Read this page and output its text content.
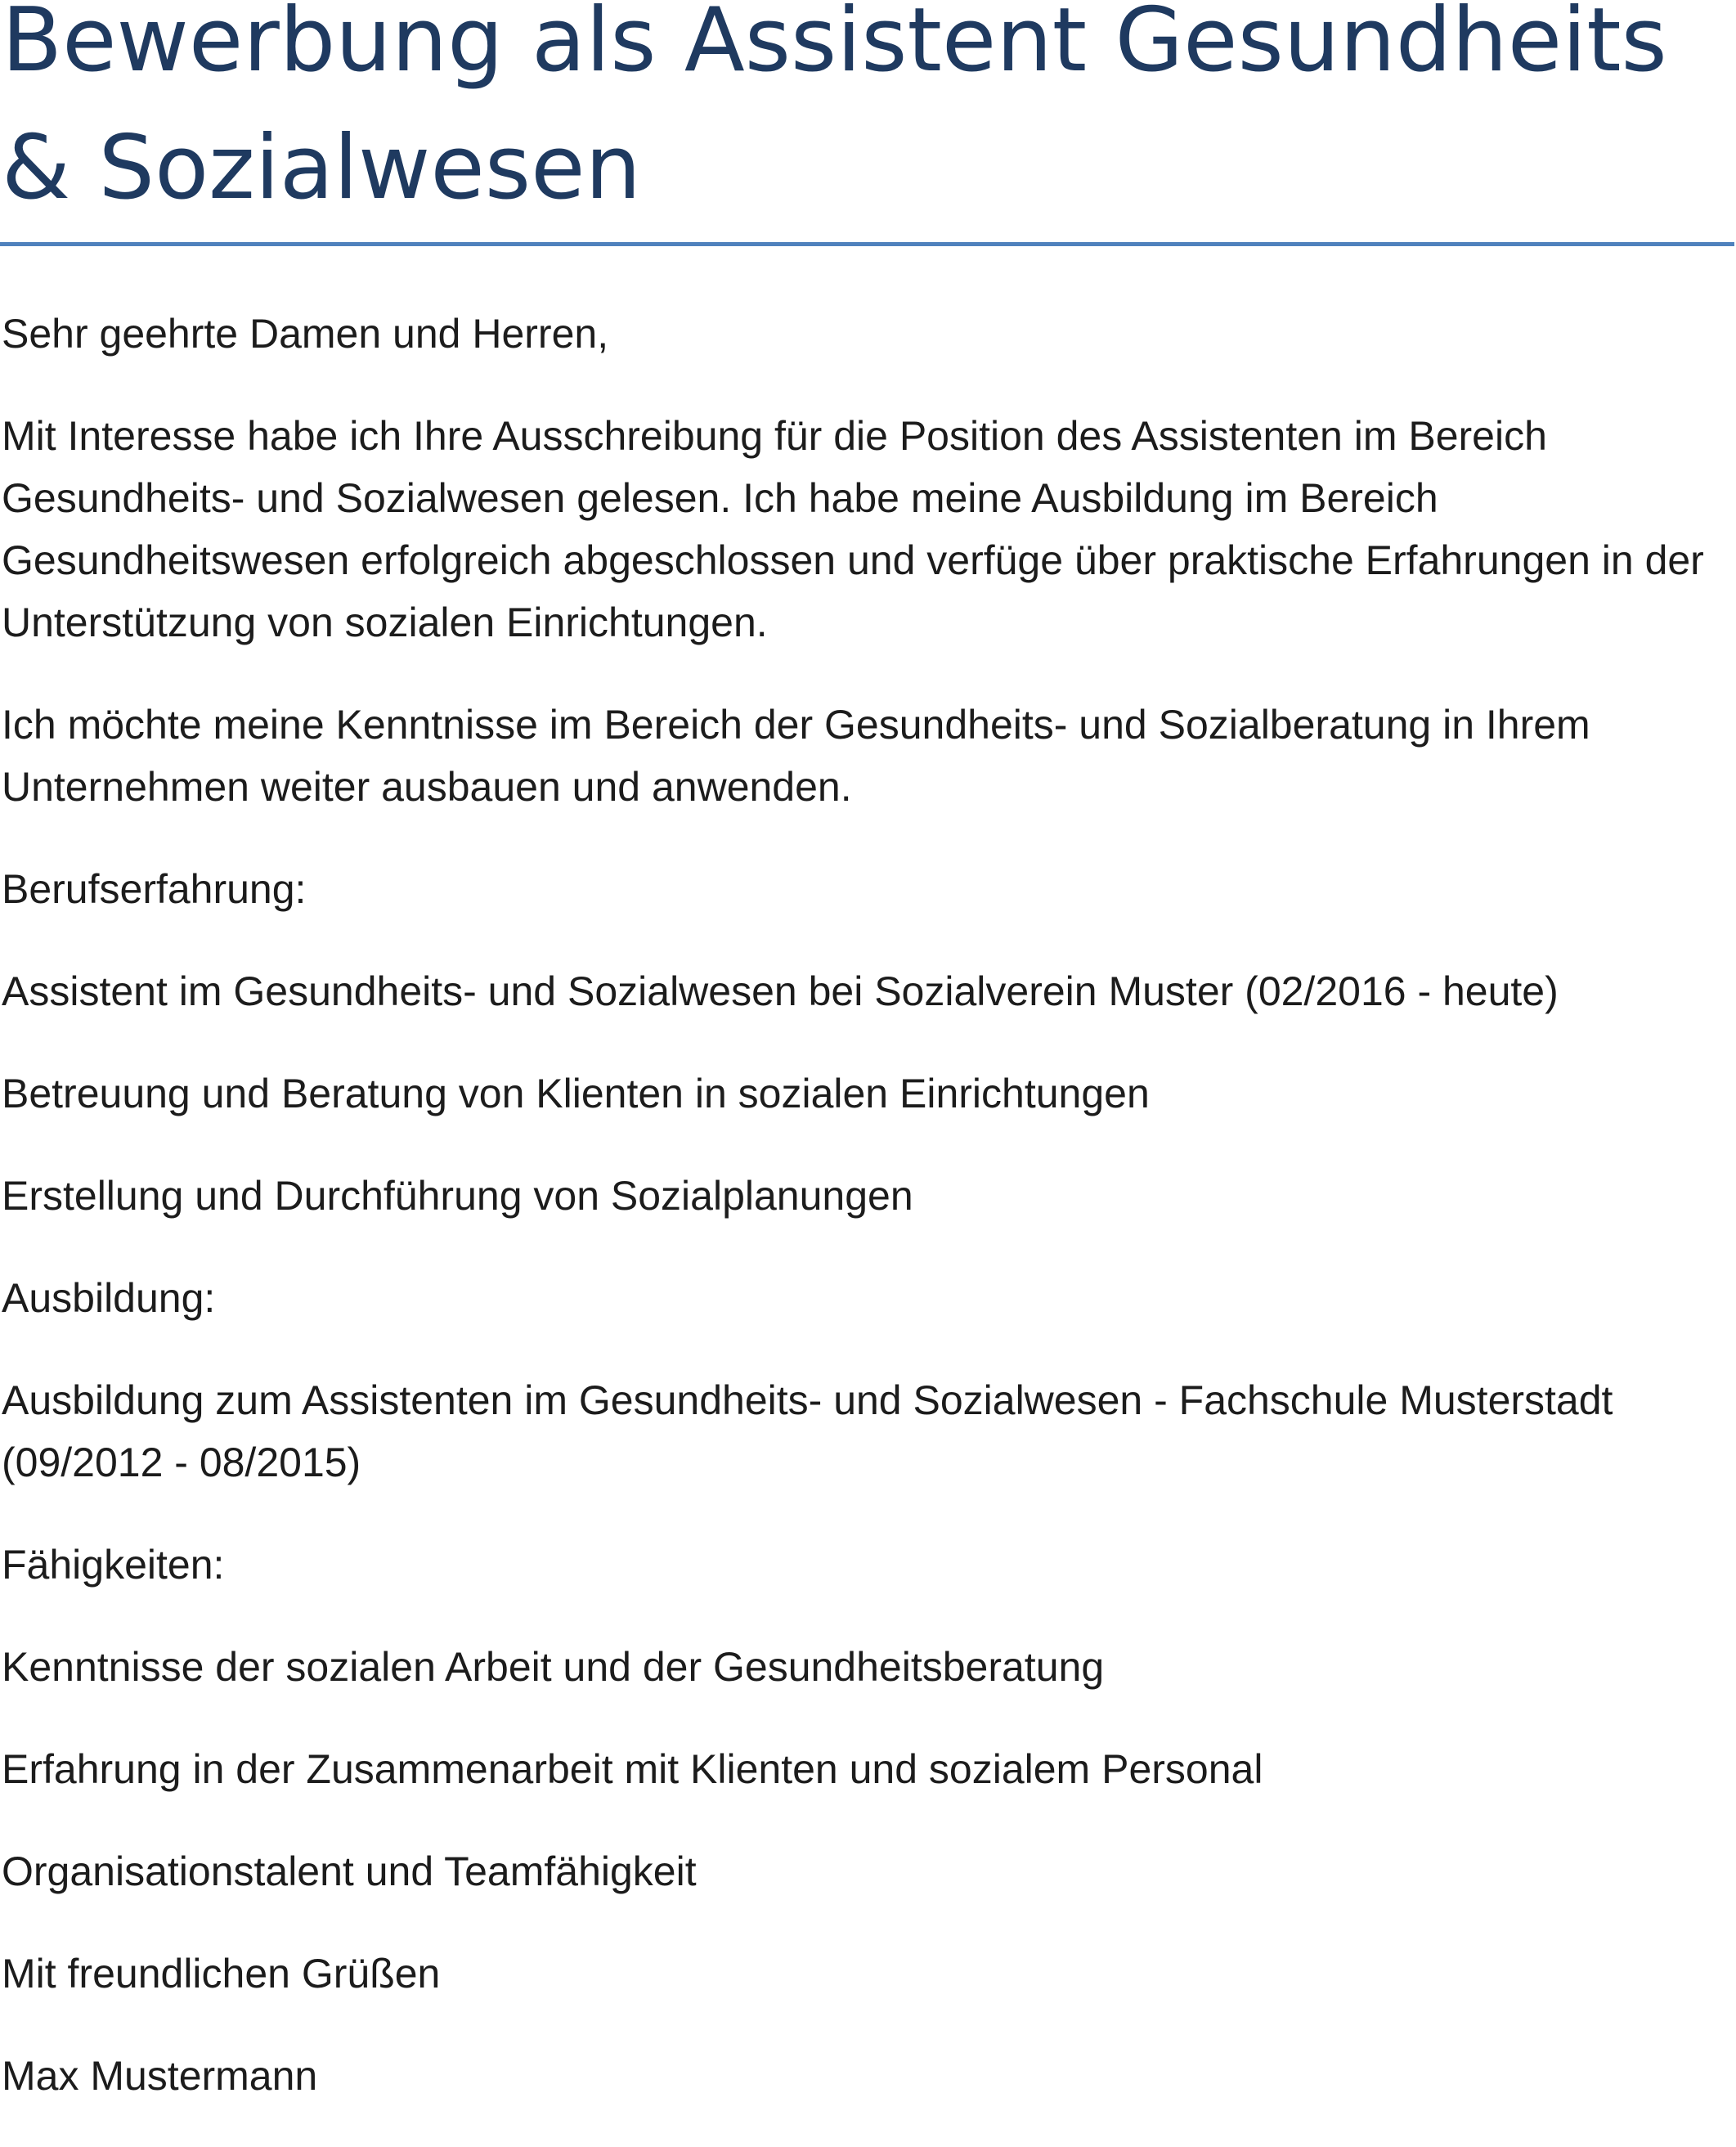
Bewerbung als Assistent Gesundheits & Sozialwesen

Sehr geehrte Damen und Herren,

Mit Interesse habe ich Ihre Ausschreibung für die Position des Assistenten im Bereich Gesundheits- und Sozialwesen gelesen. Ich habe meine Ausbildung im Bereich Gesundheitswesen erfolgreich abgeschlossen und verfüge über praktische Erfahrungen in der Unterstützung von sozialen Einrichtungen.

Ich möchte meine Kenntnisse im Bereich der Gesundheits- und Sozialberatung in Ihrem Unternehmen weiter ausbauen und anwenden.

Berufserfahrung:

Assistent im Gesundheits- und Sozialwesen bei Sozialverein Muster (02/2016 - heute)

Betreuung und Beratung von Klienten in sozialen Einrichtungen

Erstellung und Durchführung von Sozialplanungen

Ausbildung:

Ausbildung zum Assistenten im Gesundheits- und Sozialwesen - Fachschule Musterstadt (09/2012 - 08/2015)

Fähigkeiten:

Kenntnisse der sozialen Arbeit und der Gesundheitsberatung

Erfahrung in der Zusammenarbeit mit Klienten und sozialem Personal

Organisationstalent und Teamfähigkeit

Mit freundlichen Grüßen

Max Mustermann
